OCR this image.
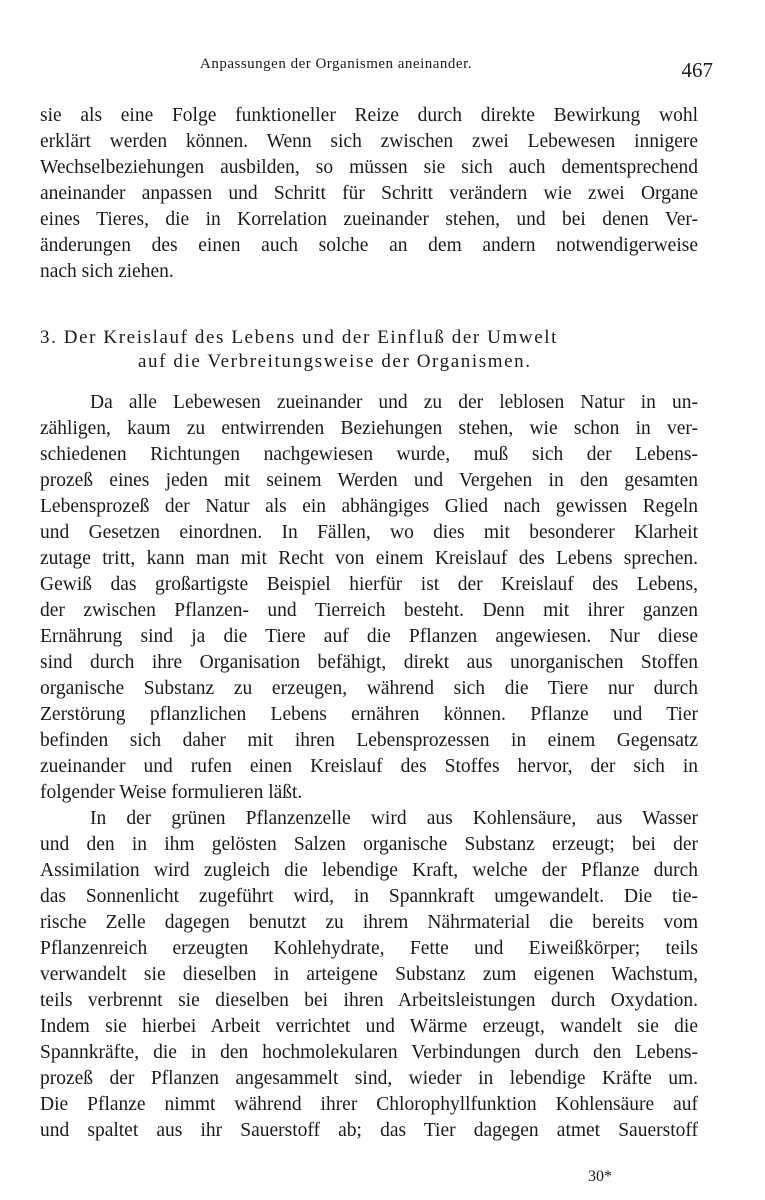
Anpassungen der Organismen aneinander.	467
sie als eine Folge funktioneller Reize durch direkte Bewirkung wohl
erklärt werden können. Wenn sich zwischen zwei Lebewesen innigere
Wechselbeziehungen ausbilden, so müssen sie sich auch dementsprechend
aneinander anpassen und Schritt für Schritt verändern wie zwei Organe
eines Tieres, die in Korrelation zueinander stehen, und bei denen Ver-
änderungen des einen auch solche an dem andern notwendigerweise
nach sich ziehen.
3. Der Kreislauf des Lebens und der Einfluß der Umwelt
auf die Verbreitungsweise der Organismen.
Da alle Lebewesen zueinander und zu der leblosen Natur in un-
zähligen, kaum zu entwirrenden Beziehungen stehen, wie schon in ver-
schiedenen Richtungen nachgewiesen wurde, muß sich der Lebens-
prozeß eines jeden mit seinem Werden und Vergehen in den gesamten
Lebensprozeß der Natur als ein abhängiges Glied nach gewissen Regeln
und Gesetzen einordnen. In Fällen, wo dies mit besonderer Klarheit
zutage tritt, kann man mit Recht von einem Kreislauf des Lebens sprechen.
Gewiß das großartigste Beispiel hierfür ist der Kreislauf des Lebens,
der zwischen Pflanzen- und Tierreich besteht. Denn mit ihrer ganzen
Ernährung sind ja die Tiere auf die Pflanzen angewiesen. Nur diese
sind durch ihre Organisation befähigt, direkt aus unorganischen Stoffen
organische Substanz zu erzeugen, während sich die Tiere nur durch
Zerstörung pflanzlichen Lebens ernähren können. Pflanze und Tier
befinden sich daher mit ihren Lebensprozessen in einem Gegensatz
zueinander und rufen einen Kreislauf des Stoffes hervor, der sich in
folgender Weise formulieren läßt.
In der grünen Pflanzenzelle wird aus Kohlensäure, aus Wasser
und den in ihm gelösten Salzen organische Substanz erzeugt; bei der
Assimilation wird zugleich die lebendige Kraft, welche der Pflanze durch
das Sonnenlicht zugeführt wird, in Spannkraft umgewandelt. Die tie-
rische Zelle dagegen benutzt zu ihrem Nährmaterial die bereits vom
Pflanzenreich erzeugten Kohlehydrate, Fette und Eiweißkörper; teils
verwandelt sie dieselben in arteigene Substanz zum eigenen Wachstum,
teils verbrennt sie dieselben bei ihren Arbeitsleistungen durch Oxydation.
Indem sie hierbei Arbeit verrichtet und Wärme erzeugt, wandelt sie die
Spannkräfte, die in den hochmolekularen Verbindungen durch den Lebens-
prozeß der Pflanzen angesammelt sind, wieder in lebendige Kräfte um.
Die Pflanze nimmt während ihrer Chlorophyllfunktion Kohlensäure auf
und spaltet aus ihr Sauerstoff ab; das Tier dagegen atmet Sauerstoff
30*
